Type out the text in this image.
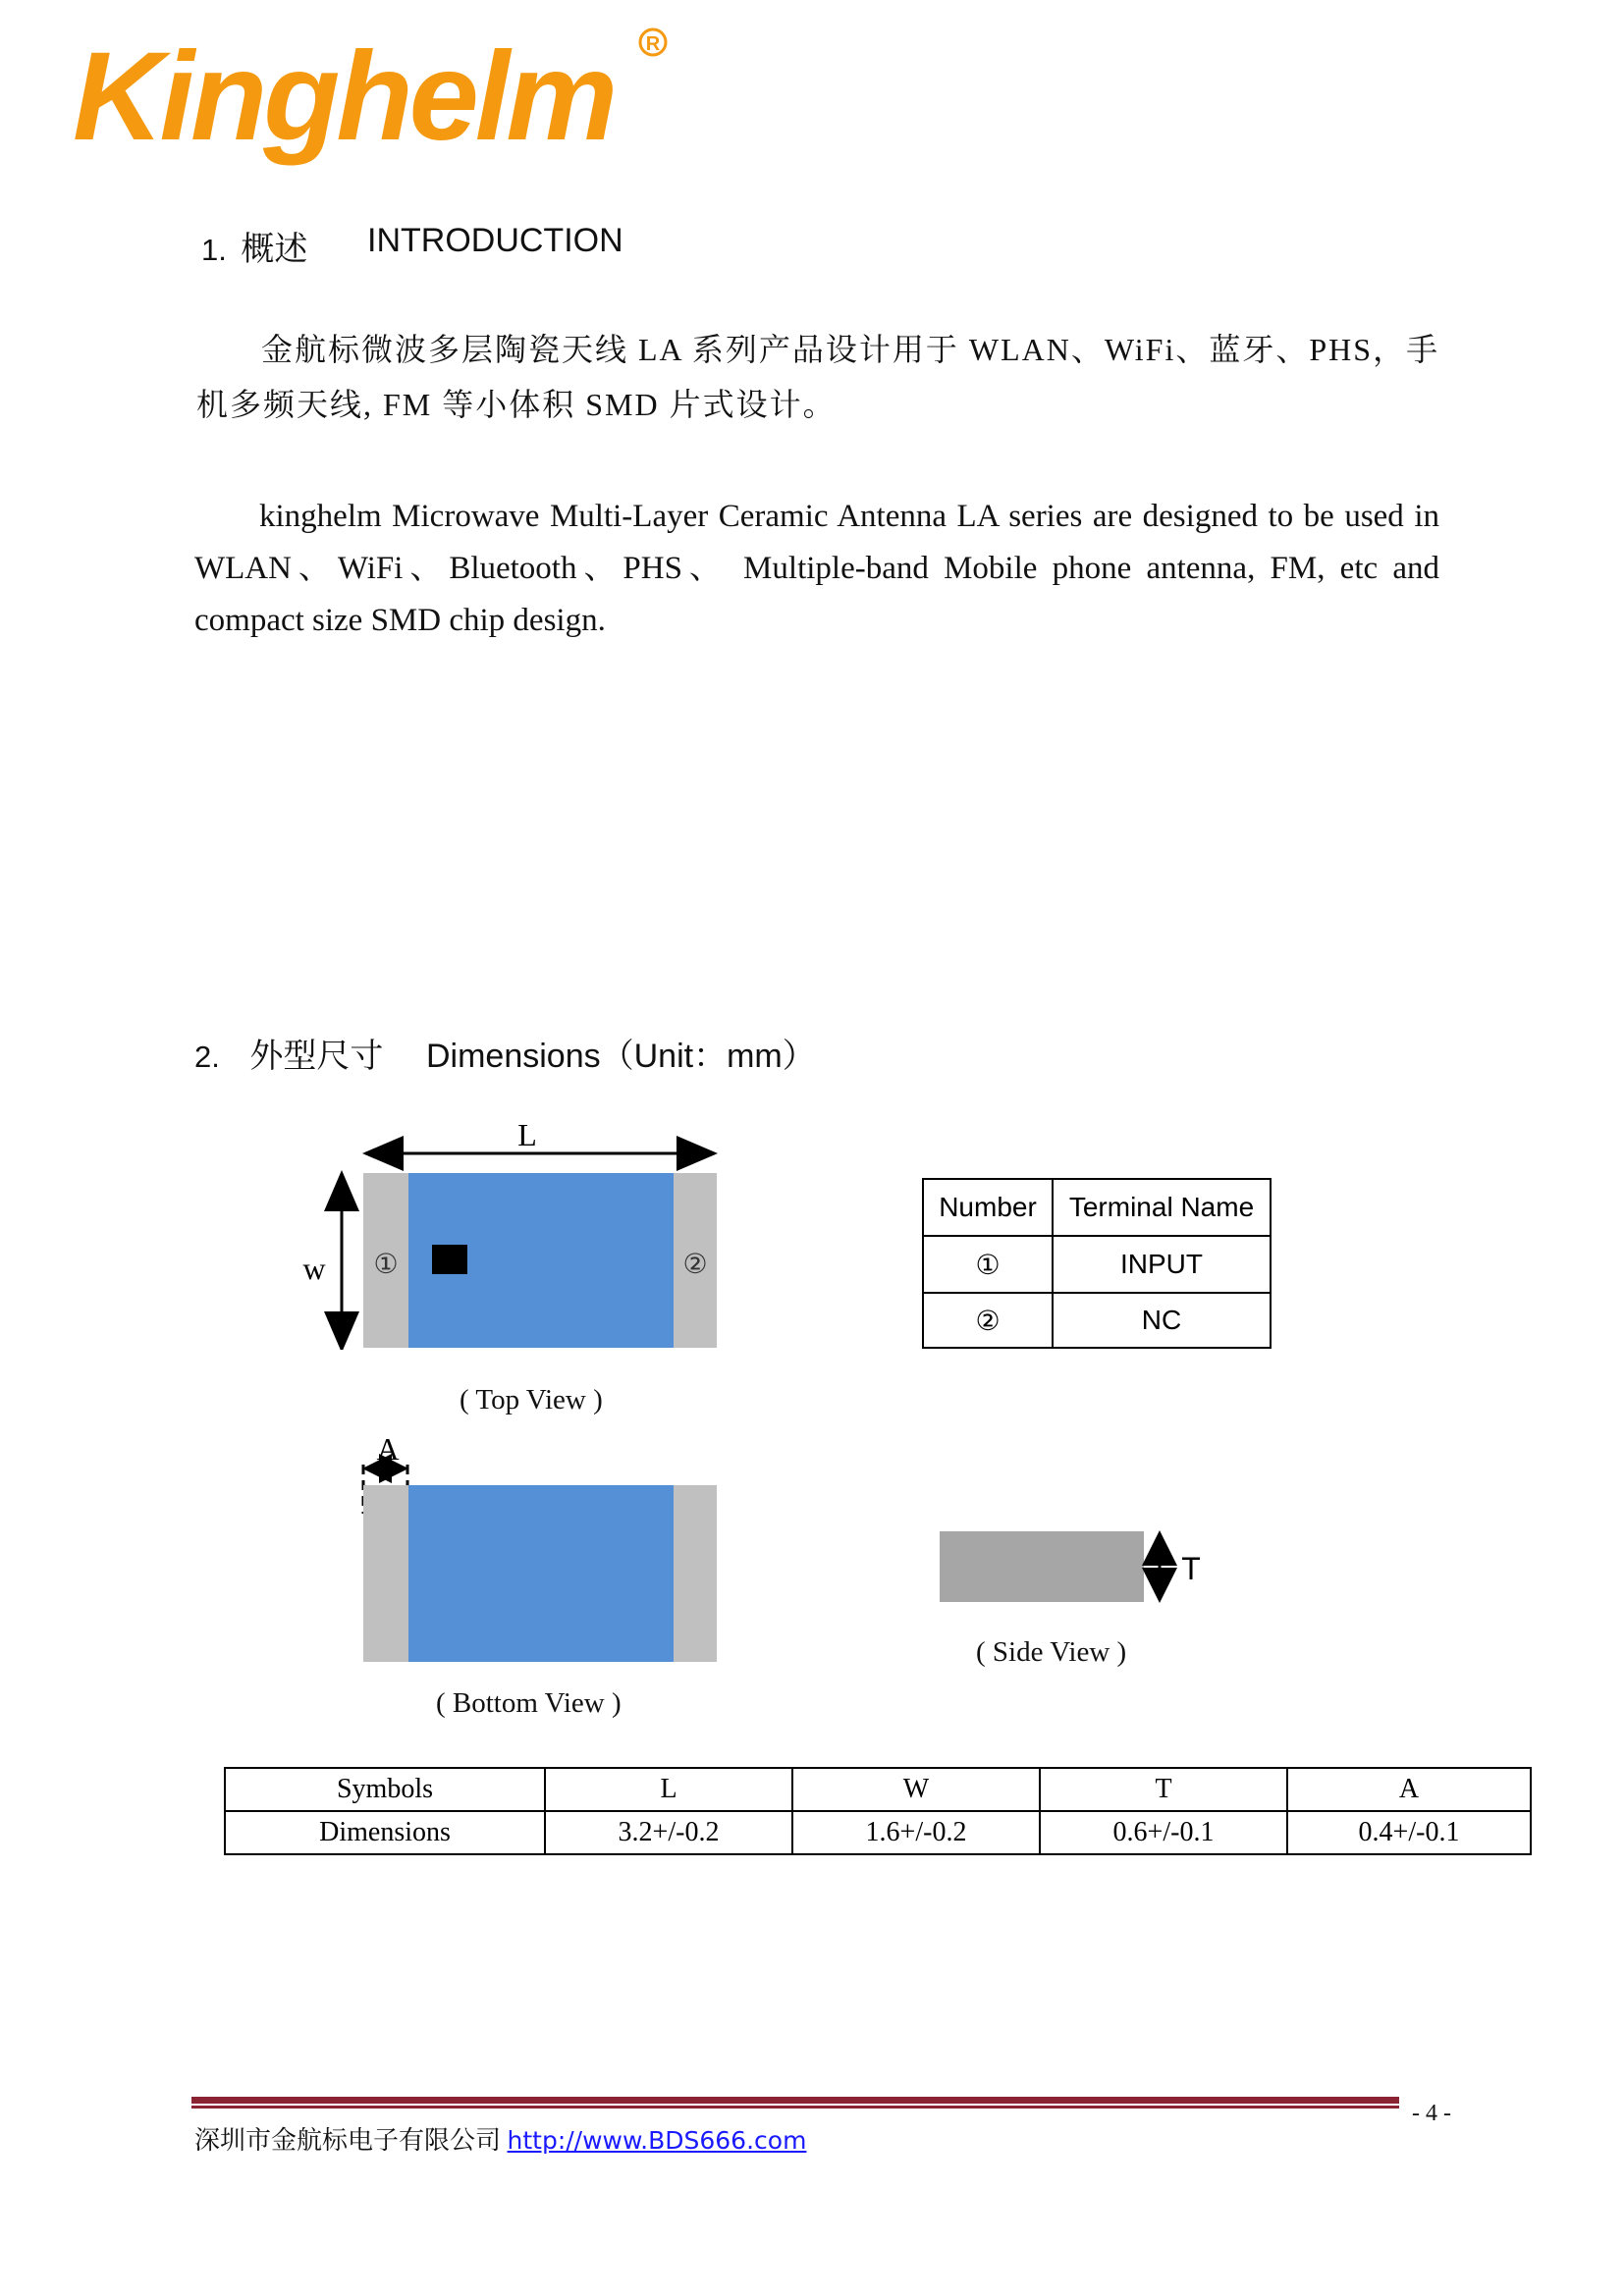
Kinghelm R
1. 概述 INTRODUCTION
金航标微波多层陶瓷天线 LA 系列产品设计用于 WLAN、WiFi、蓝牙、PHS，手机多频天线, FM 等小体积 SMD 片式设计。
kinghelm Microwave Multi-Layer Ceramic Antenna LA series are designed to be used in WLAN、WiFi、Bluetooth、PHS、 Multiple-band Mobile phone antenna, FM, etc and compact size SMD chip design.
2. 外型尺寸 Dimensions（Unit：mm）
L
w ①	②
( Top View )
Number	Terminal Name
①	INPUT
②	NC
A
( Bottom View )
T
( Side View )
Symbols	L	W	T	A
Dimensions	3.2+/-0.2	1.6+/-0.2	0.6+/-0.1	0.4+/-0.1
深圳市金航标电子有限公司 http://www.BDS666.com
- 4 -
